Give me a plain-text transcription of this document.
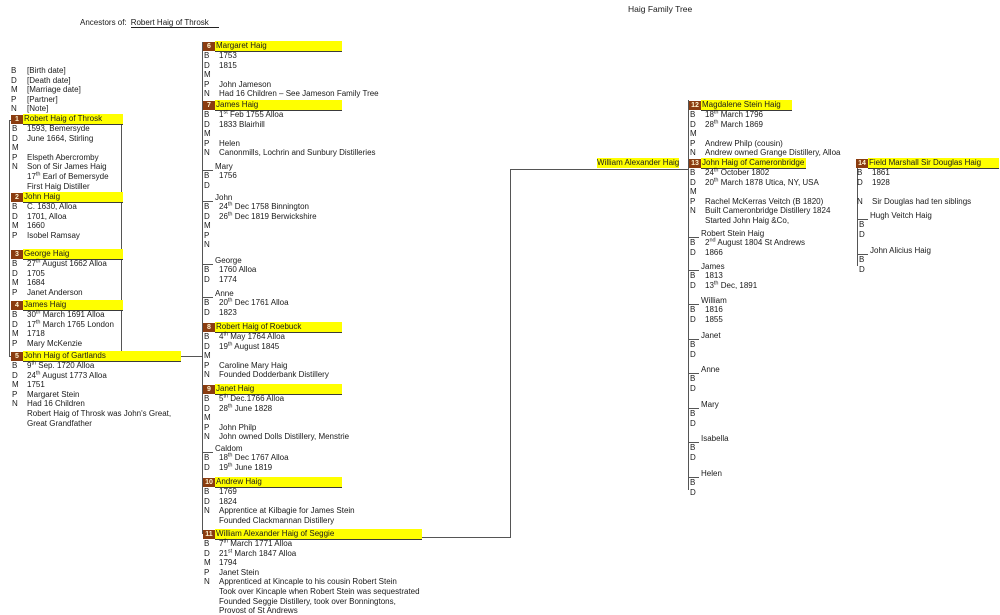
Haig Family Tree
Ancestors of: Robert Haig of Throsk
B [Birth date]
D [Death date]
M [Marriage date]
P [Partner]
N [Note]
1 Robert Haig of Throsk
B 1593, Bemersyde
D June 1664, Stirling
M
P Elspeth Abercromby
N Son of Sir James Haig
17th Earl of Bemersyde
First Haig Distiller
2 John Haig
B C. 1630, Alloa
D 1701, Alloa
M 1660
P Isobel Ramsay
3 George Haig
B 27th August 1662 Alloa
D 1705
M 1684
P Janet Anderson
4 James Haig
B 30th March 1691 Alloa
D 17th March 1765 London
M 1718
P Mary McKenzie
5 John Haig of Gartlands
B 9th Sep. 1720 Alloa
D 24th August 1773 Alloa
M 1751
P Margaret Stein
N Had 16 Children
Robert Haig of Throsk was John's Great,
Great Grandfather
6 Margaret Haig
B 1753
D 1815
M
P John Jameson
N Had 16 Children – See Jameson Family Tree
7 James Haig
B 1st Feb 1755 Alloa
D 1833 Blairhill
M
P Helen
N Canonmills, Lochrin and Sunbury Distilleries
Mary
B 1756
D
John
B 24th Dec 1758 Binnington
D 26th Dec 1819 Berwickshire
M
P
N
George
B 1760 Alloa
D 1774
Anne
B 20th Dec 1761 Alloa
D 1823
8 Robert Haig of Roebuck
B 4th May 1764 Alloa
D 19th August 1845
M
P Caroline Mary Haig
N Founded Dodderbank Distillery
9 Janet Haig
B 5th Dec.1766 Alloa
D 28th June 1828
M
P John Philp
N John owned Dolls Distillery, Menstrie
Caldom
B 18th Dec 1767 Alloa
D 19th June 1819
10 Andrew Haig
B 1769
D 1824
N Apprentice at Kilbagie for James Stein
Founded Clackmannan Distillery
11 William Alexander Haig of Seggie
B 7th March 1771 Alloa
D 21st March 1847 Alloa
M 1794
P Janet Stein
N Apprenticed at Kincaple to his cousin Robert Stein
Took over Kincaple when Robert Stein was sequestrated
Founded Seggie Distillery, took over Bonningtons,
Provost of St Andrews
William Alexander Haig
12 Magdalene Stein Haig
B 18th March 1796
D 28th March 1869
M
P Andrew Philp (cousin)
N Andrew owned Grange Distillery, Alloa
13 John Haig of Cameronbridge
B 24th October 1802
D 20th March 1878 Utica, NY, USA
M
P Rachel McKerras Veitch (B 1820)
N Built Cameronbridge Distillery 1824
Started John Haig &Co,
Robert Stein Haig
B 2nd August 1804 St Andrews
D 1866
James
B 1813
D 13th Dec, 1891
William
B 1816
D 1855
Janet
B
D
Anne
B
D
Mary
B
D
Isabella
B
D
Helen
B
D
14 Field Marshall Sir Douglas Haig
B 1861
D 1928
N Sir Douglas had ten siblings
Hugh Veitch Haig
B
D
John Alicius Haig
B
D
